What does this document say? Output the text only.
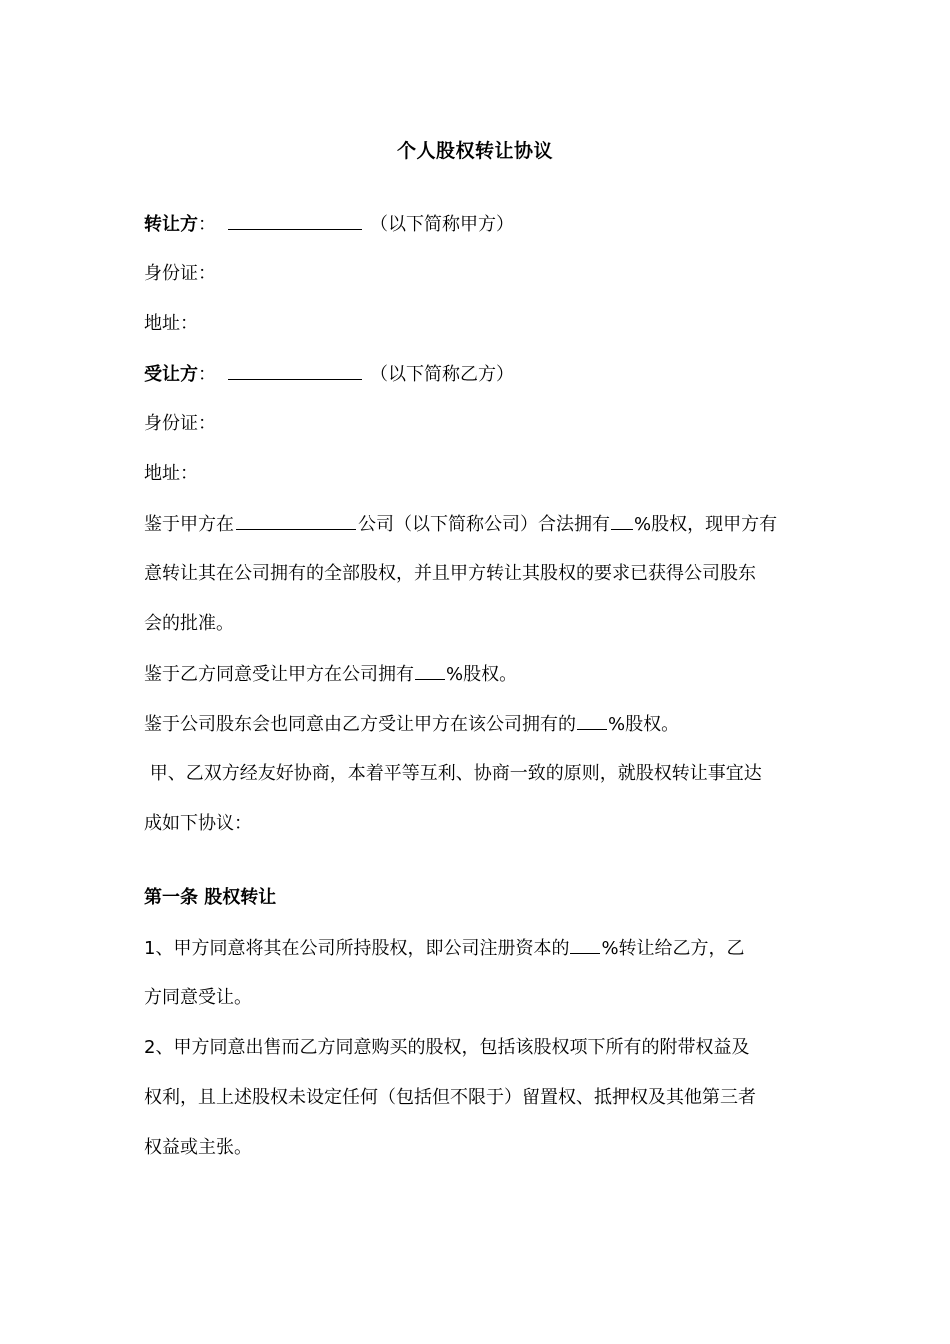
个人股权转让协议
转让方：	（以下简称甲方）
身份证：
地址：
受让方：	（以下简称乙方）
身份证：
地址：
鉴于甲方在	公司（以下简称公司）合法拥有 %股权，现甲方有
意转让其在公司拥有的全部股权，并且甲方转让其股权的要求已获得公司股东
会的批准。
鉴于乙方同意受让甲方在公司拥有 %股权。
鉴于公司股东会也同意由乙方受让甲方在该公司拥有的 %股权。
甲、乙双方经友好协商，本着平等互利、协商一致的原则，就股权转让事宜达
成如下协议：
第一条 股权转让
1、甲方同意将其在公司所持股权，即公司注册资本的 %转让给乙方，乙
方同意受让。
2、甲方同意出售而乙方同意购买的股权，包括该股权项下所有的附带权益及
权利，且上述股权未设定任何（包括但不限于）留置权、抵押权及其他第三者
权益或主张。
